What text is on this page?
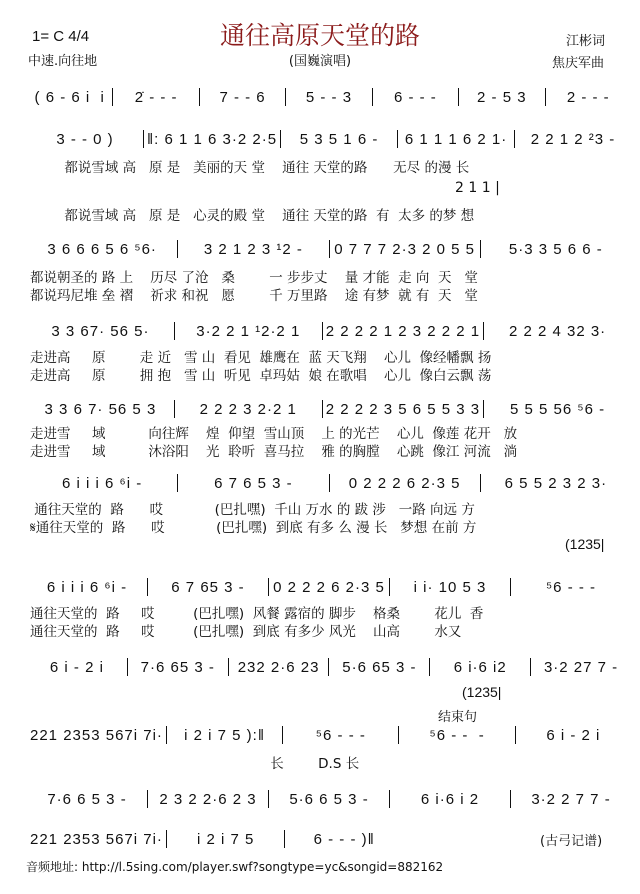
1= C 4/4
中速.向往地
通往高原天堂的路
(国巍演唱)
江彬词
焦庆军曲
( 6 - 6 i  i	2̇ - - -	7 - - 6	5 - - 3	6 - - -	2 - 5 3	2 - - -
3 - - 0 )	‖: 6 1 1 6 3·2 2·5	5 3 5 1 6 -	6 1 1 1 6 2 1·	2 2 1 2 ²3 -
都说雪域 高   原 是   美丽的天 堂    通往 天堂的路      无尽 的漫 长
都说雪域 高   原 是   心灵的殿 堂    通往 天堂的路  有  太多 的梦 想
3 6 6 6 5 6 ⁵6·	3 2 1 2 3 ¹2 -	0 7 7 7 2·3 2 0 5 5	5·3 3 5 6 6 -
都说朝圣的 路 上    历尽 了沧   桑        一 步步丈    量 才能  走 向  天   堂
都说玛尼堆 垒 褶    祈求 和祝   愿        千 万里路    途 有梦  就 有  天   堂
3 3 67· 56 5·	3·2 2 1 ¹2·2 1	2 2 2 2 1 2 3 2 2 2 1	2 2 2 4 32 3·
走进高     原        走 近   雪 山  看见  雄鹰在  蓝 天飞翔    心儿  像经幡飘 扬
走进高     原        拥 抱   雪 山  听见  卓玛姑  娘 在歌唱    心儿  像白云飘 荡
3 3 6 7· 56 5 3	2 2 2 3 2·2 1	2 2 2 2 3 5 6 5 5 3 3	5 5 5 56 ⁵6 -
走进雪     域          向往辉    煌  仰望  雪山顶    上 的光芒    心儿  像莲 花开   放
走进雪     域          沐浴阳    光  聆听  喜马拉    雅 的胸膛    心跳  像江 河流   淌
6 i i i 6 ⁶i -	6 7 6 5 3 -	0 2 2 2 6 2·3 5	6 5 5 2 3 2 3·
通往天堂的  路      哎            (巴扎嘿)  千山 万水 的 跋 涉   一路 向远 方
𝄋通往天堂的  路      哎            (巴扎嘿)  到底 有多 么 漫 长   梦想 在前 方
6 i i i 6 ⁶i -	6 7 65 3 -	0 2 2 2 6 2·3 5	i i· 10 5 3	⁵6 - - -
通往天堂的  路     哎         (巴扎嘿)  风餐 露宿的 脚步    格桑        花儿  香
通往天堂的  路     哎         (巴扎嘿)  到底 有多少 风光    山高        水又
6 i - 2 i	7·6 65 3 -	232 2·6 23	5·6 65 3 -	6 i·6 i2	3·2 27 7 -
221 2353 567i 7i·	i 2 i 7 5 ):‖	⁵6 - - -	⁵6 - -  -	6 i - 2 i
长        D.S 长
7·6 6 5 3 -	2 3 2 2·6 2 3	5·6 6 5 3 -	6 i·6 i 2	3·2 2 7 7 -
221 2353 567i 7i·	i 2 i 7 5	6 - - - )‖
2 1 1 |
(1235|
(1235|
结束句
(古弓记谱)
音频地址: http://l.5sing.com/player.swf?songtype=yc&songid=882162
